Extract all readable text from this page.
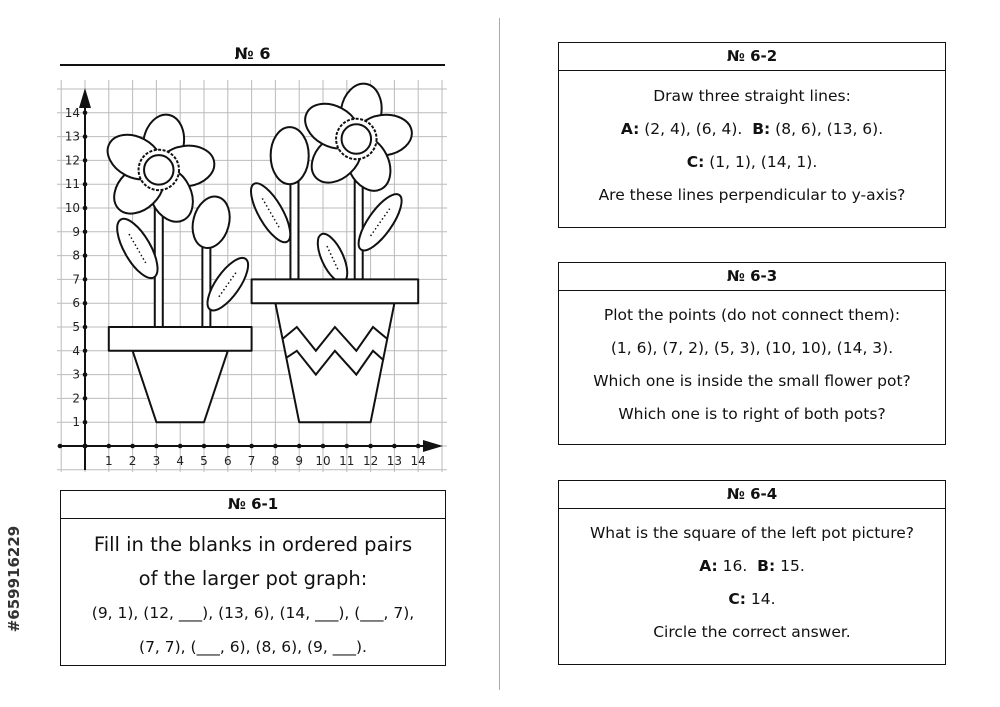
№ 6
1 2 3 4 5 6 7 8 9 10 11 12 13 14
1
2
3
4
5
6
7
8
9
10
11
12
13
14
#659916229
№ 6-1
Fill in the blanks in ordered pairs
of the larger pot graph:
(9, 1), (12, ___), (13, 6), (14, ___), (___, 7),
(7, 7), (___, 6), (8, 6), (9, ___).
№ 6-2
Draw three straight lines:
A: (2, 4), (6, 4).  B: (8, 6), (13, 6).
C: (1, 1), (14, 1).
Are these lines perpendicular to y-axis?
№ 6-3
Plot the points (do not connect them):
(1, 6), (7, 2), (5, 3), (10, 10), (14, 3).
Which one is inside the small flower pot?
Which one is to right of both pots?
№ 6-4
What is the square of the left pot picture?
A: 16.  B: 15.
C: 14.
Circle the correct answer.
